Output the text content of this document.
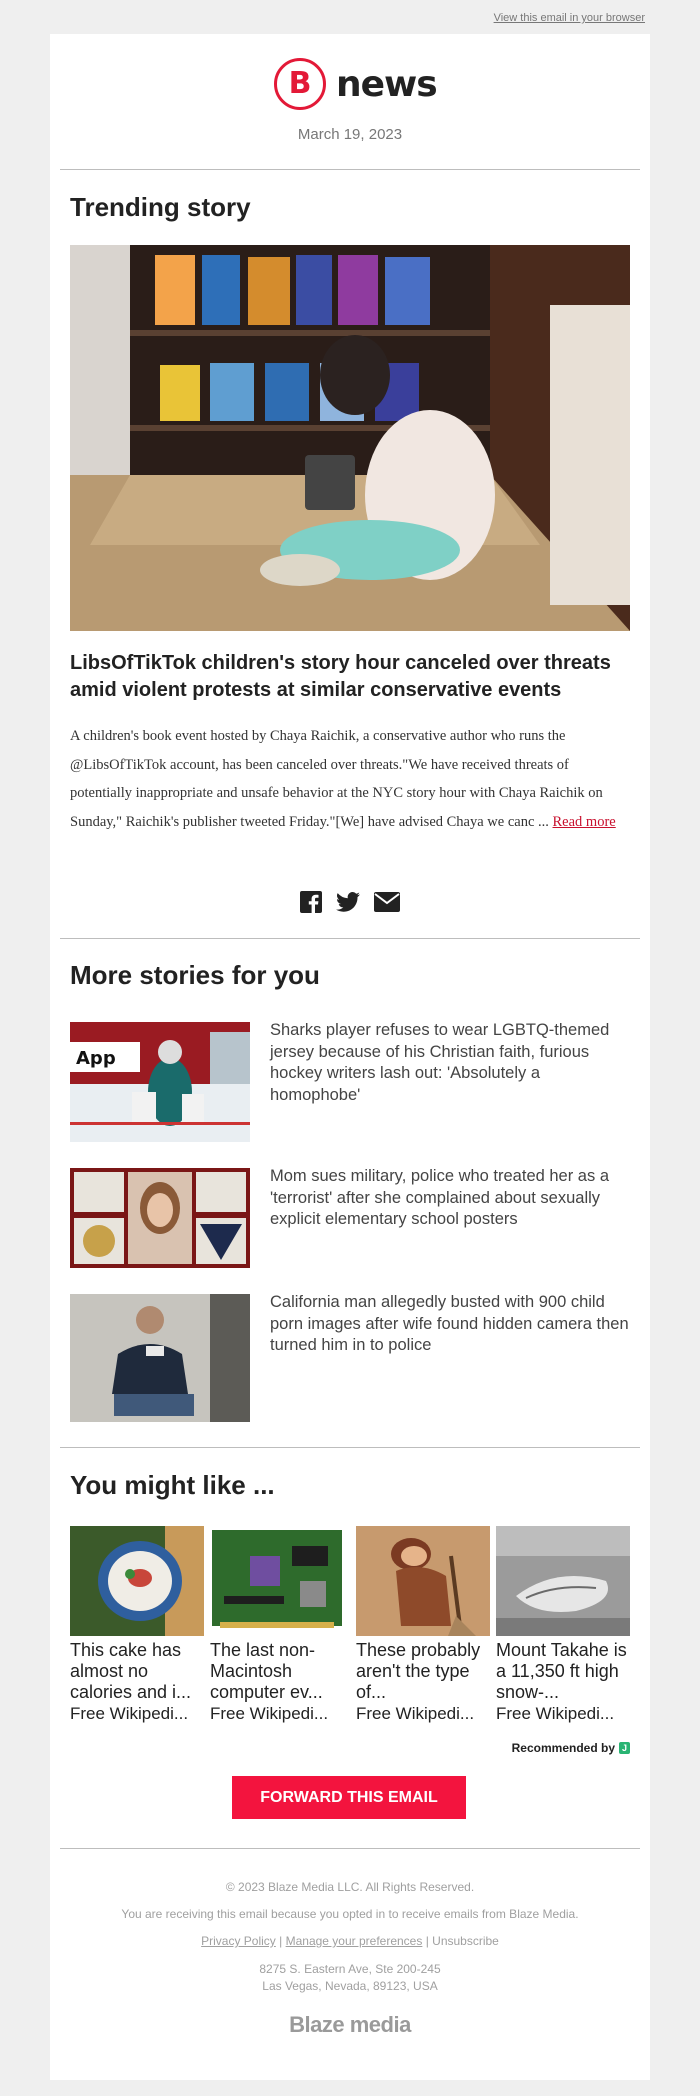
View this email in your browser
B news
March 19, 2023
Trending story
LibsOfTikTok children's story hour canceled over threats amid violent protests at similar conservative events

A children's book event hosted by Chaya Raichik, a conservative author who runs the @LibsOfTikTok account, has been canceled over threats."We have received threats of potentially inappropriate and unsafe behavior at the NYC story hour with Chaya Raichik on Sunday," Raichik's publisher tweeted Friday."[We] have advised Chaya we canc ... Read more

More stories for you
App
Sharks player refuses to wear LGBTQ-themed jersey because of his Christian faith, furious hockey writers lash out: 'Absolutely a homophobe'
Mom sues military, police who treated her as a 'terrorist' after she complained about sexually explicit elementary school posters
California man allegedly busted with 900 child porn images after wife found hidden camera then turned him in to police
You might like ...
This cake has almost no calories and i...
Free Wikipedi...
The last non-Macintosh computer ev...
Free Wikipedi...
These probably aren't the type of...
Free Wikipedi...
Mount Takahe is a 11,350 ft high snow-...
Free Wikipedi...
Recommended by J
FORWARD THIS EMAIL
© 2023 Blaze Media LLC. All Rights Reserved.
You are receiving this email because you opted in to receive emails from Blaze Media.
Privacy Policy | Manage your preferences | Unsubscribe
8275 S. Eastern Ave, Ste 200-245
Las Vegas, Nevada, 89123, USA
Blaze media
